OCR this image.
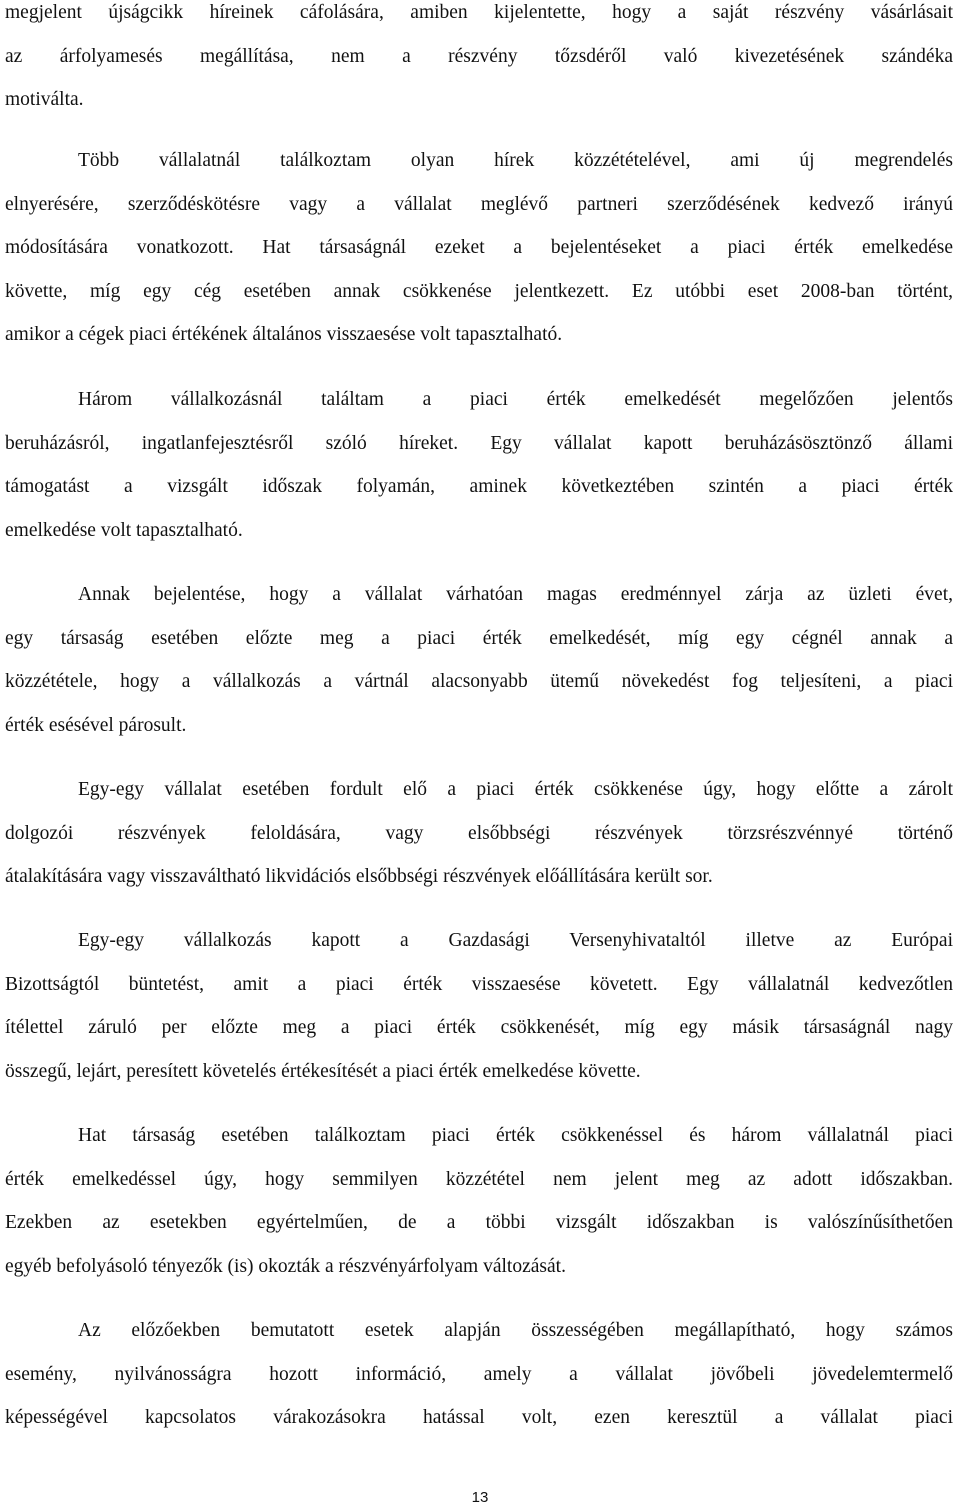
megjelent újságcikk híreinek cáfolására, amiben kijelentette, hogy a saját részvény vásárlásait
az árfolyamesés megállítása, nem a részvény tőzsdéről való kivezetésének szándéka
motiválta.
Több vállalatnál találkoztam olyan hírek közzétételével, ami új megrendelés
elnyerésére, szerződéskötésre vagy a vállalat meglévő partneri szerződésének kedvező irányú
módosítására vonatkozott. Hat társaságnál ezeket a bejelentéseket a piaci érték emelkedése
követte, míg egy cég esetében annak csökkenése jelentkezett. Ez utóbbi eset 2008-ban történt,
amikor a cégek piaci értékének általános visszaesése volt tapasztalható.
Három vállalkozásnál találtam a piaci érték emelkedését megelőzően jelentős
beruházásról, ingatlanfejesztésről szóló híreket. Egy vállalat kapott beruházásösztönző állami
támogatást a vizsgált időszak folyamán, aminek következtében szintén a piaci érték
emelkedése volt tapasztalható.
Annak bejelentése, hogy a vállalat várhatóan magas eredménnyel zárja az üzleti évet,
egy társaság esetében előzte meg a piaci érték emelkedését, míg egy cégnél annak a
közzététele, hogy a vállalkozás a vártnál alacsonyabb ütemű növekedést fog teljesíteni, a piaci
érték esésével párosult.
Egy-egy vállalat esetében fordult elő a piaci érték csökkenése úgy, hogy előtte a zárolt
dolgozói részvények feloldására, vagy elsőbbségi részvények törzsrészvénnyé történő
átalakítására vagy visszaváltható likvidációs elsőbbségi részvények előállítására került sor.
Egy-egy vállalkozás kapott a Gazdasági Versenyhivataltól illetve az Európai
Bizottságtól büntetést, amit a piaci érték visszaesése követett. Egy vállalatnál kedvezőtlen
ítélettel záruló per előzte meg a piaci érték csökkenését, míg egy másik társaságnál nagy
összegű, lejárt, peresített követelés értékesítését a piaci érték emelkedése követte.
Hat társaság esetében találkoztam piaci érték csökkenéssel és három vállalatnál piaci
érték emelkedéssel úgy, hogy semmilyen közzététel nem jelent meg az adott időszakban.
Ezekben az esetekben egyértelműen, de a többi vizsgált időszakban is valószínűsíthetően
egyéb befolyásoló tényezők (is) okozták a részvényárfolyam változását.
Az előzőekben bemutatott esetek alapján összességében megállapítható, hogy számos
esemény, nyilvánosságra hozott információ, amely a vállalat jövőbeli jövedelemtermelő
képességével kapcsolatos várakozásokra hatással volt, ezen keresztül a vállalat piaci
13
